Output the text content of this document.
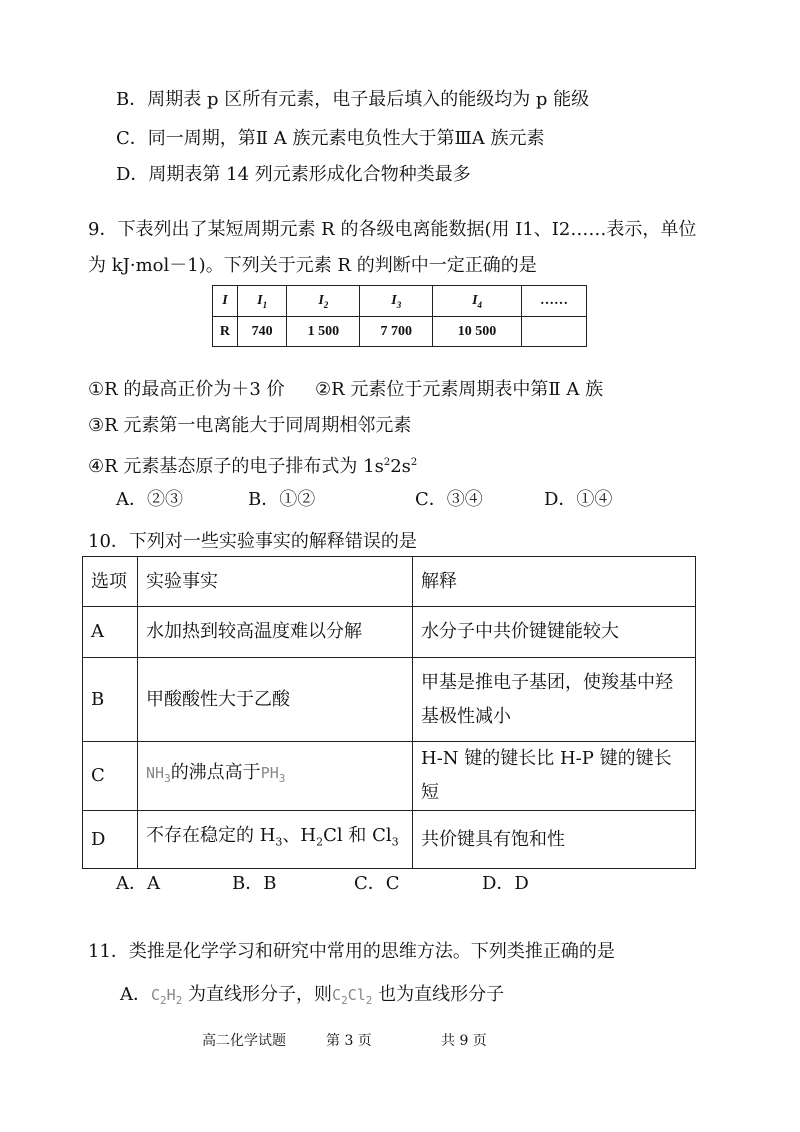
B．周期表 p 区所有元素，电子最后填入的能级均为 p 能级
C．同一周期，第Ⅱ A 族元素电负性大于第ⅢA 族元素
D．周期表第 14 列元素形成化合物种类最多
9．下表列出了某短周期元素 R 的各级电离能数据(用 I1、I2……表示，单位
为 kJ·mol－1)。下列关于元素 R 的判断中一定正确的是
I	$I_1$	$I_2$	$I_3$	$I_4$	……
R	740	1 500	7 700	10 500	
①R 的最高正价为＋3 价 ②R 元素位于元素周期表中第Ⅱ A 族
③R 元素第一电离能大于同周期相邻元素
④R 元素基态原子的电子排布式为 $1s^22s^2$
A．②③	B．①②	C．③④	D．①④
10．下列对一些实验事实的解释错误的是
选项	实验事实	解释
A	水加热到较高温度难以分解	水分子中共价键键能较大
B	甲酸酸性大于乙酸	甲基是推电子基团，使羧基中羟
基极性减小

C	$NH_3$的沸点高于$PH_3$	H-N 键的键长比 H-P 键的键长短
D	不存在稳定的 $H_3$、$H_2Cl$ 和 $Cl_3$	共价键具有饱和性
A．A	B．B	C．C	D．D
11．类推是化学学习和研究中常用的思维方法。下列类推正确的是
A．$C_2H_2$ 为直线形分子，则$C_2Cl_2$ 也为直线形分子
高二化学试题	第 3 页	共 9 页
